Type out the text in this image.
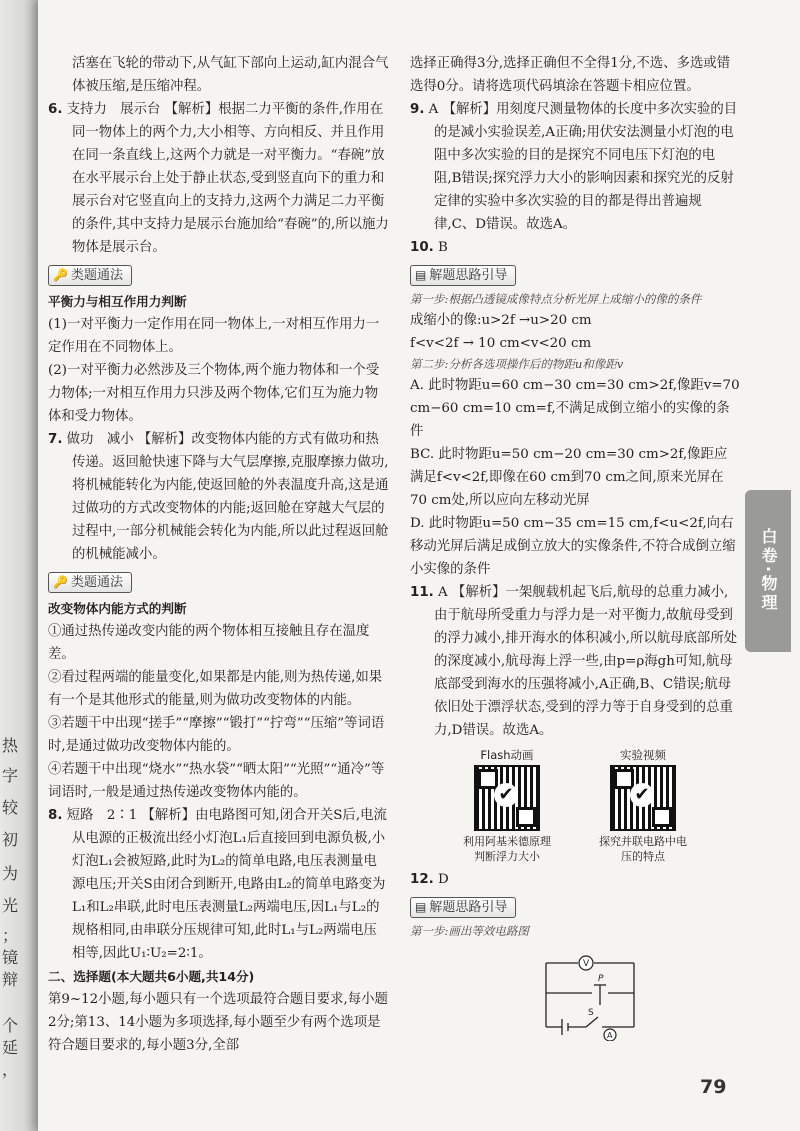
热
字
较
初
为
光
；
镜
辩
个
延
，

活塞在飞轮的带动下,从气缸下部向上运动,缸内混合气体被压缩,是压缩冲程。

6. 支持力　展示台 【解析】根据二力平衡的条件,作用在同一物体上的两个力,大小相等、方向相反、并且作用在同一条直线上,这两个力就是一对平衡力。“春碗”放在水平展示台上处于静止状态,受到竖直向下的重力和展示台对它竖直向上的支持力,这两个力满足二力平衡的条件,其中支持力是展示台施加给“春碗”的,所以施力物体是展示台。

🔑 类题通法

平衡力与相互作用力判断

(1)一对平衡力一定作用在同一物体上,一对相互作用力一定作用在不同物体上。

(2)一对平衡力必然涉及三个物体,两个施力物体和一个受力物体;一对相互作用力只涉及两个物体,它们互为施力物体和受力物体。

7. 做功　减小 【解析】改变物体内能的方式有做功和热传递。返回舱快速下降与大气层摩擦,克服摩擦力做功,将机械能转化为内能,使返回舱的外表温度升高,这是通过做功的方式改变物体的内能;返回舱在穿越大气层的过程中,一部分机械能会转化为内能,所以此过程返回舱的机械能减小。

🔑 类题通法

改变物体内能方式的判断

①通过热传递改变内能的两个物体相互接触且存在温度差。

②看过程两端的能量变化,如果都是内能,则为热传递,如果有一个是其他形式的能量,则为做功改变物体的内能。

③若题干中出现“搓手”“摩擦”“锻打”“拧弯”“压缩”等词语时,是通过做功改变物体内能的。

④若题干中出现“烧水”“热水袋”“晒太阳”“光照”“通冷”等词语时,一般是通过热传递改变物体内能的。

8. 短路　2∶1 【解析】由电路图可知,闭合开关S后,电流从电源的正极流出经小灯泡L₁后直接回到电源负极,小灯泡L₁会被短路,此时为L₂的简单电路,电压表测量电源电压;开关S由闭合到断开,电路由L₂的简单电路变为L₁和L₂串联,此时电压表测量L₂两端电压,因L₁与L₂的规格相同,由串联分压规律可知,此时L₁与L₂两端电压相等,因此U₁∶U₂=2∶1。

二、选择题(本大题共6小题,共14分)

第9~12小题,每小题只有一个选项最符合题目要求,每小题2分;第13、14小题为多项选择,每小题至少有两个选项是符合题目要求的,每小题3分,全部

选择正确得3分,选择正确但不全得1分,不选、多选或错选得0分。请将选项代码填涂在答题卡相应位置。

9. A 【解析】用刻度尺测量物体的长度中多次实验的目的是减小实验误差,A正确;用伏安法测量小灯泡的电阻中多次实验的目的是探究不同电压下灯泡的电阻,B错误;探究浮力大小的影响因素和探究光的反射定律的实验中多次实验的目的都是得出普遍规律,C、D错误。故选A。

10. B

▤ 解题思路引导

第一步:根据凸透镜成像特点分析光屏上成缩小的像的条件

成缩小的像:u>2f →u>20 cm

f<v<2f → 10 cm<v<20 cm

第二步:分析各选项操作后的物距u和像距v

A. 此时物距u=60 cm−30 cm=30 cm>2f,像距v=70 cm−60 cm=10 cm=f,不满足成倒立缩小的实像的条件

BC. 此时物距u=50 cm−20 cm=30 cm>2f,像距应满足f<v<2f,即像在60 cm到70 cm之间,原来光屏在70 cm处,所以应向左移动光屏

D. 此时物距u=50 cm−35 cm=15 cm,f<u<2f,向右移动光屏后满足成倒立放大的实像条件,不符合成倒立缩小实像的条件

11. A 【解析】一架舰载机起飞后,航母的总重力减小,由于航母所受重力与浮力是一对平衡力,故航母受到的浮力减小,排开海水的体积减小,所以航母底部所处的深度减小,航母海上浮一些,由p=ρ海gh可知,航母底部受到海水的压强将减小,A正确,B、C错误;航母依旧处于漂浮状态,受到的浮力等于自身受到的总重力,D错误。故选A。

Flash动画
✔
利用阿基米德原理判断浮力大小
实验视频
✔
探究并联电路中电压的特点

12. D

▤ 解题思路引导

第一步:画出等效电路图

V
P
S
A
白卷·物理
79
